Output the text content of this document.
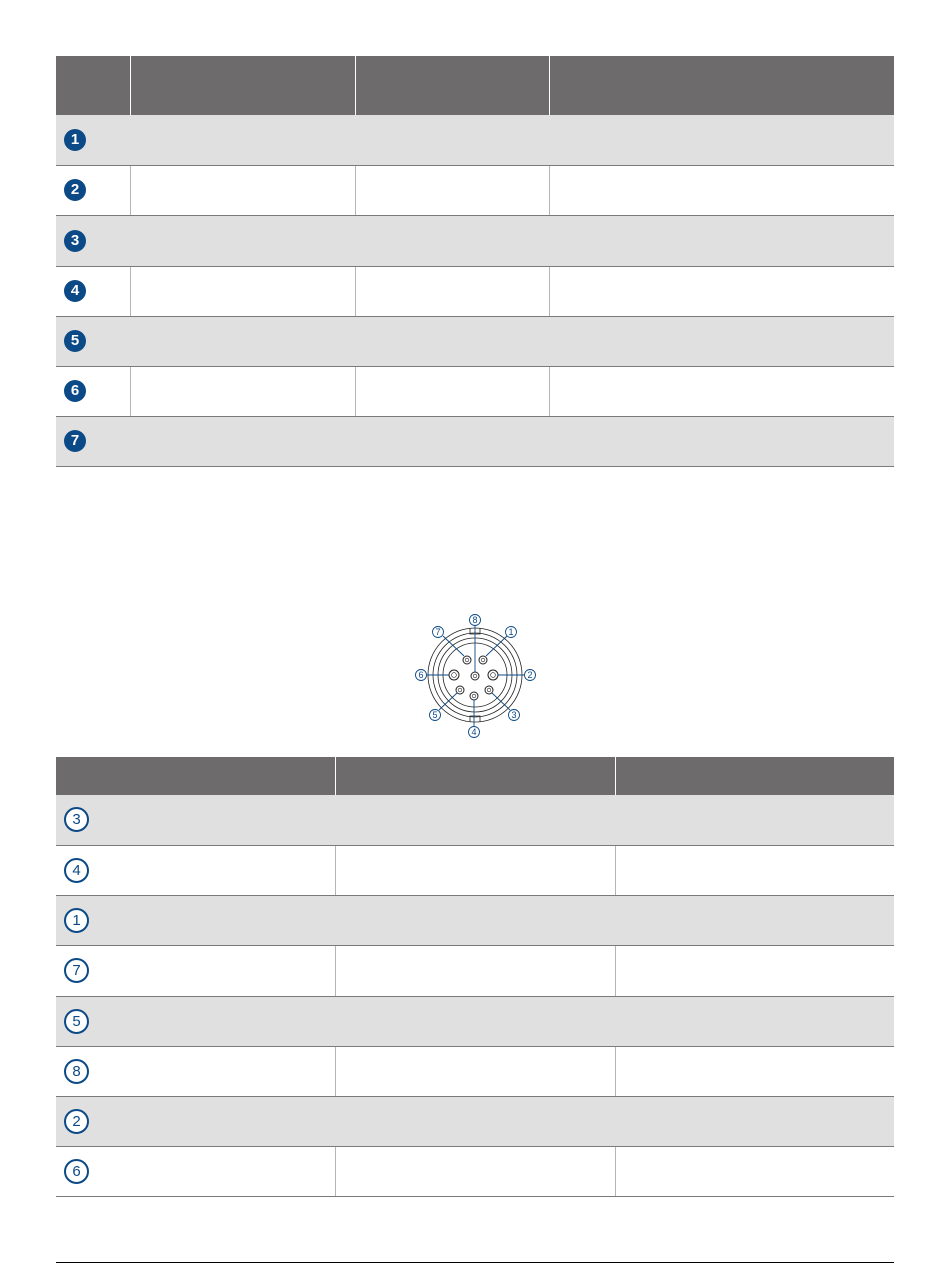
1			
2			
3			
4			
5			
6			
7			
1
2
3
4
5
6
7
8

3		
4		
1		
7		
5		
8		
2		
6		
